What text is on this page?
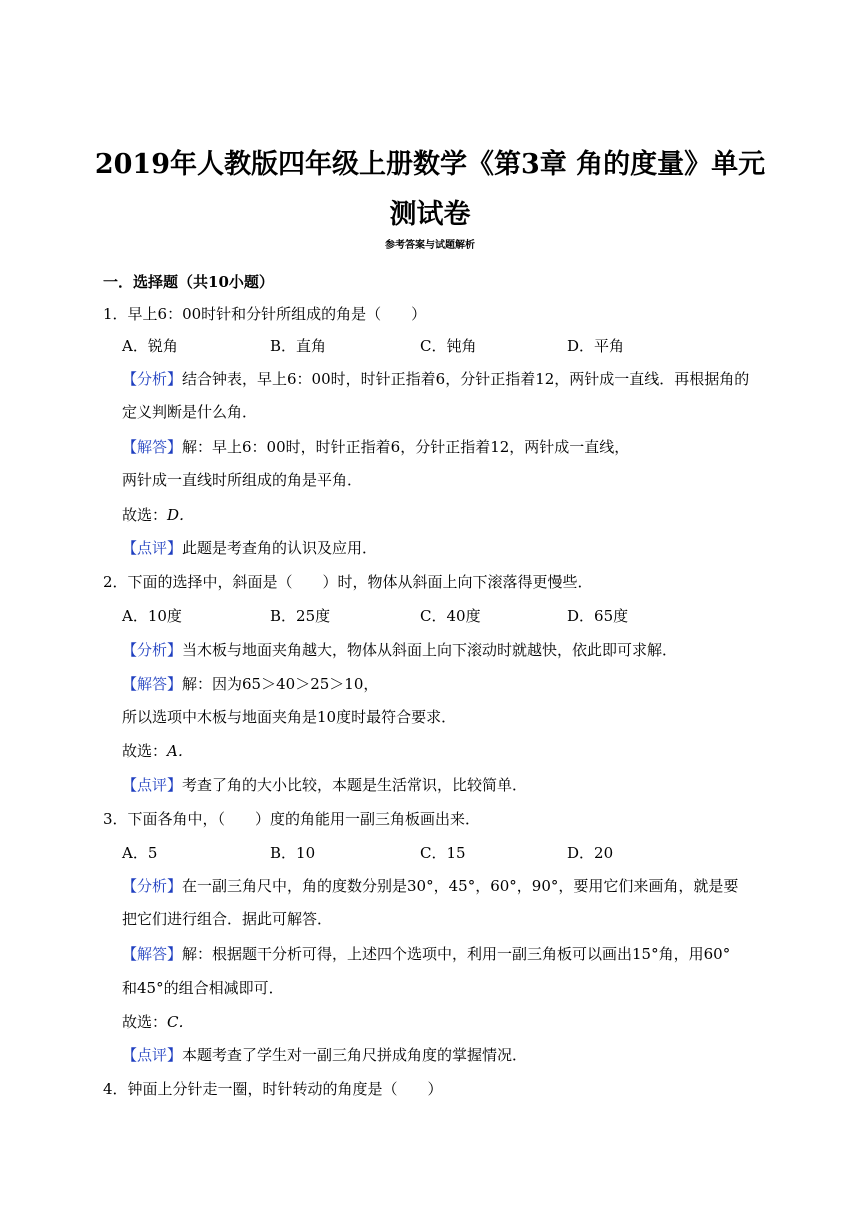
2019年人教版四年级上册数学《第3章 角的度量》单元测试卷
参考答案与试题解析
一．选择题（共10小题）
1．早上6：00时针和分针所组成的角是（　　）
A．锐角	B．直角	C．钝角	D．平角
【分析】结合钟表，早上6：00时，时针正指着6，分针正指着12，两针成一直线．再根据角的
定义判断是什么角．
【解答】解：早上6：00时，时针正指着6，分针正指着12，两针成一直线，
两针成一直线时所组成的角是平角．
故选：D．
【点评】此题是考查角的认识及应用．
2．下面的选择中，斜面是（　　）时，物体从斜面上向下滚落得更慢些．
A．10度	B．25度	C．40度	D．65度
【分析】当木板与地面夹角越大，物体从斜面上向下滚动时就越快，依此即可求解．
【解答】解：因为65＞40＞25＞10，
所以选项中木板与地面夹角是10度时最符合要求．
故选：A．
【点评】考查了角的大小比较，本题是生活常识，比较简单．
3．下面各角中，（　　）度的角能用一副三角板画出来．
A．5	B．10	C．15	D．20
【分析】在一副三角尺中，角的度数分别是30°，45°，60°，90°，要用它们来画角，就是要
把它们进行组合．据此可解答．
【解答】解：根据题干分析可得，上述四个选项中，利用一副三角板可以画出15°角，用60°
和45°的组合相减即可．
故选：C．
【点评】本题考查了学生对一副三角尺拼成角度的掌握情况．
4．钟面上分针走一圈，时针转动的角度是（　　）
